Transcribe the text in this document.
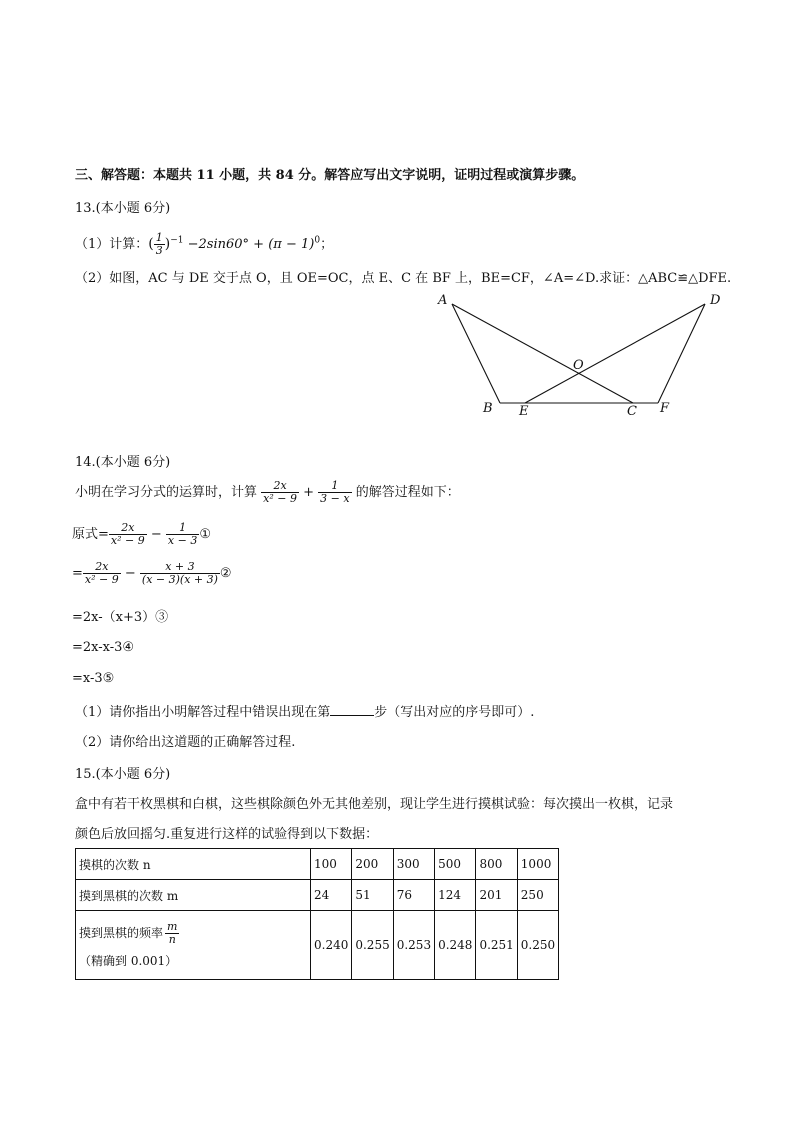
三、解答题：本题共 11 小题，共 84 分。解答应写出文字说明，证明过程或演算步骤。
13.(本小题 6分)
（1）计算：( $\frac{1}{3} )^{-1} -2\sin 60^\circ + (\pi - 1)^0$；
（2）如图，AC 与 DE 交于点 O，且 OE=OC，点 E、C 在 BF 上，BE=CF，∠A=∠D.求证：△ABC≌△DFE.
A	D
O
B E	C F
14.(本小题 6分)
小明在学习分式的运算时，计算 $\frac{2x}{\text{x² − 9}} + \frac{1}{3 - x}$ 的解答过程如下：
原式= $\frac{2x}{\text{x² − 9}} - \frac{1}{x - 3}$ ①
= $\frac{2x}{\text{x² − 9}} - \frac{x + 3}{(x - 3)(x + 3)}$ ②
=2x-（x+3）③
=2x-x-3④
=x-3⑤
（1）请你指出小明解答过程中错误出现在第	步（写出对应的序号即可）.
（2）请你给出这道题的正确解答过程.
15.(本小题 6分)
盒中有若干枚黑棋和白棋，这些棋除颜色外无其他差别，现让学生进行摸棋试验：每次摸出一枚棋，记录
颜色后放回摇匀.重复进行这样的试验得到以下数据：
摸棋的次数 n	100	200	300	500	800	1000
摸到黑棋的次数 m	24	51	76	124	201	250

摸到黑棋的频率 $\frac{m}{n}$
（精确到 0.001）	0.240	0.255	0.253	0.248	0.251	0.250
